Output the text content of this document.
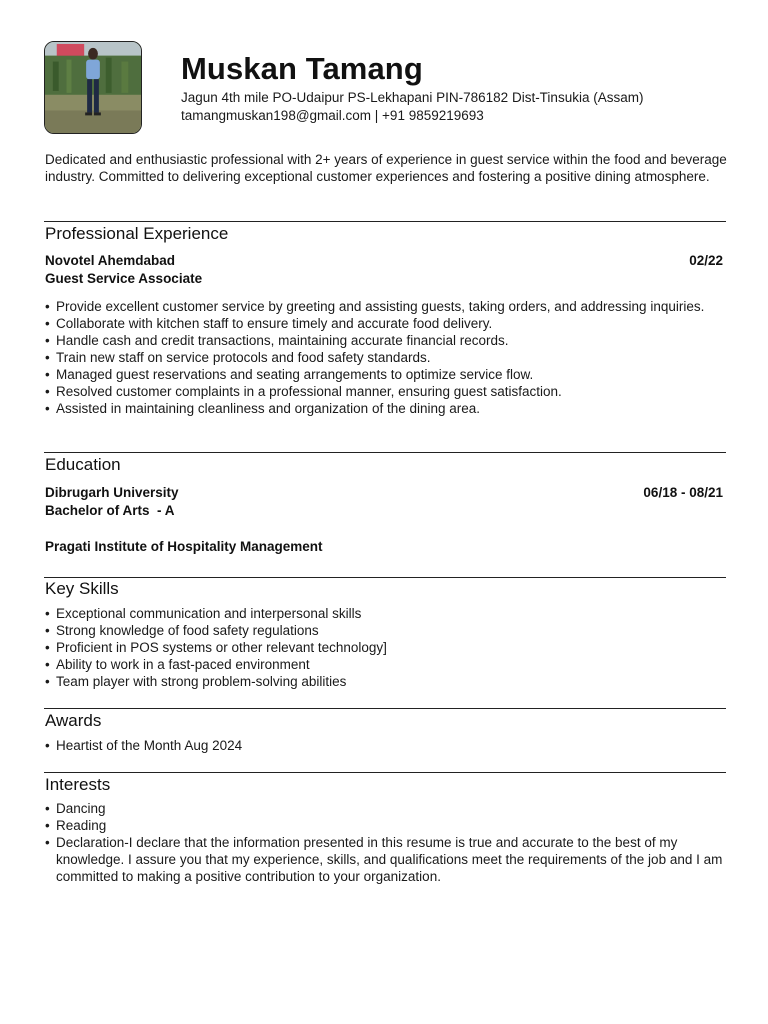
Muskan Tamang
Jagun 4th mile PO-Udaipur PS-Lekhapani PIN-786182 Dist-Tinsukia (Assam)
tamangmuskan198@gmail.com | +91 9859219693

Dedicated and enthusiastic professional with 2+ years of experience in guest service within the food and beverage industry. Committed to delivering exceptional customer experiences and fostering a positive dining atmosphere.

Professional Experience
Novotel Ahemdabad	02/22
Guest Service Associate
• Provide excellent customer service by greeting and assisting guests, taking orders, and addressing inquiries.
• Collaborate with kitchen staff to ensure timely and accurate food delivery.
• Handle cash and credit transactions, maintaining accurate financial records.
• Train new staff on service protocols and food safety standards.
• Managed guest reservations and seating arrangements to optimize service flow.
• Resolved customer complaints in a professional manner, ensuring guest satisfaction.
• Assisted in maintaining cleanliness and organization of the dining area.
Education
Dibrugarh University	06/18 - 08/21
Bachelor of Arts  - A
Pragati Institute of Hospitality Management
Key Skills
• Exceptional communication and interpersonal skills
• Strong knowledge of food safety regulations
• Proficient in POS systems or other relevant technology]
• Ability to work in a fast-paced environment
• Team player with strong problem-solving abilities
Awards
• Heartist of the Month Aug 2024
Interests
• Dancing
• Reading
• Declaration-I declare that the information presented in this resume is true and accurate to the best of my knowledge. I assure you that my experience, skills, and qualifications meet the requirements of the job and I am committed to making a positive contribution to your organization.
